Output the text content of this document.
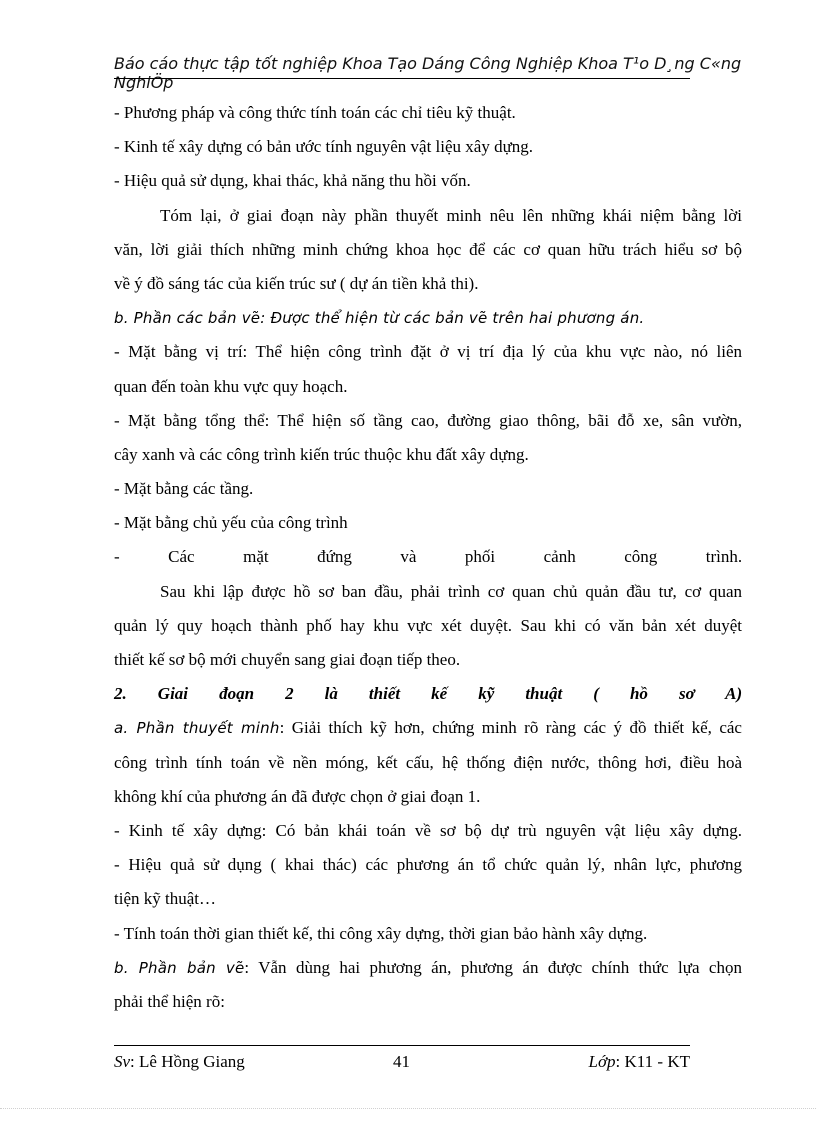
Báo cáo thực tập tốt nghiệp Khoa Tạo Dáng Công Nghiệp Khoa T¹o D¸ng C«ng
NghiÖp
- Phương pháp và công thức tính toán các chỉ tiêu kỹ thuật.
- Kinh tế xây dựng có bản ước tính nguyên vật liệu xây dựng.
- Hiệu quả sử dụng, khai thác, khả năng thu hồi vốn.
Tóm lại, ở giai đoạn này phần thuyết minh nêu lên những khái niệm bằng lời
văn, lời giải thích những minh chứng khoa học để các cơ quan hữu trách hiểu sơ bộ
về ý đồ sáng tác của kiến trúc sư ( dự án tiền khả thi).
b. Phần các bản vẽ: Được thể hiện từ các bản vẽ trên hai phương án.
- Mặt bằng vị trí: Thể hiện công trình đặt ở vị trí địa lý của khu vực nào, nó liên
quan đến toàn khu vực quy hoạch.
- Mặt bằng tổng thể: Thể hiện số tầng cao, đường giao thông, bãi đỗ xe, sân vườn,
cây xanh và các công trình kiến trúc thuộc khu đất xây dựng.
- Mặt bằng các tầng.
- Mặt bằng chủ yếu của công trình
-	Các	mặt	đứng	và	phối	cảnh	công	trình.
Sau khi lập được hồ sơ ban đầu, phải trình cơ quan chủ quản đầu tư, cơ quan
quản lý quy hoạch thành phố hay khu vực xét duyệt. Sau khi có văn bản xét duyệt
thiết kế sơ bộ mới chuyển sang giai đoạn tiếp theo.
2. Giai đoạn 2 là thiết kế kỹ thuật ( hồ sơ A)
a. Phần thuyết minh: Giải thích kỹ hơn, chứng minh rõ ràng các ý đồ thiết kế, các
công trình tính toán về nền móng, kết cấu, hệ thống điện nước, thông hơi, điều hoà
không khí của phương án đã được chọn ở giai đoạn 1.
- Kinh tế xây dựng: Có bản khái toán về sơ bộ dự trù nguyên vật liệu xây dựng.
- Hiệu quả sử dụng ( khai thác) các phương án tổ chức quản lý, nhân lực, phương
tiện kỹ thuật…
- Tính toán thời gian thiết kế, thi công xây dựng, thời gian bảo hành xây dựng.
b. Phần bản vẽ: Vẫn dùng hai phương án, phương án được chính thức lựa chọn
phải thể hiện rõ:
Sv: Lê Hồng Giang	41	Lớp: K11 - KT
